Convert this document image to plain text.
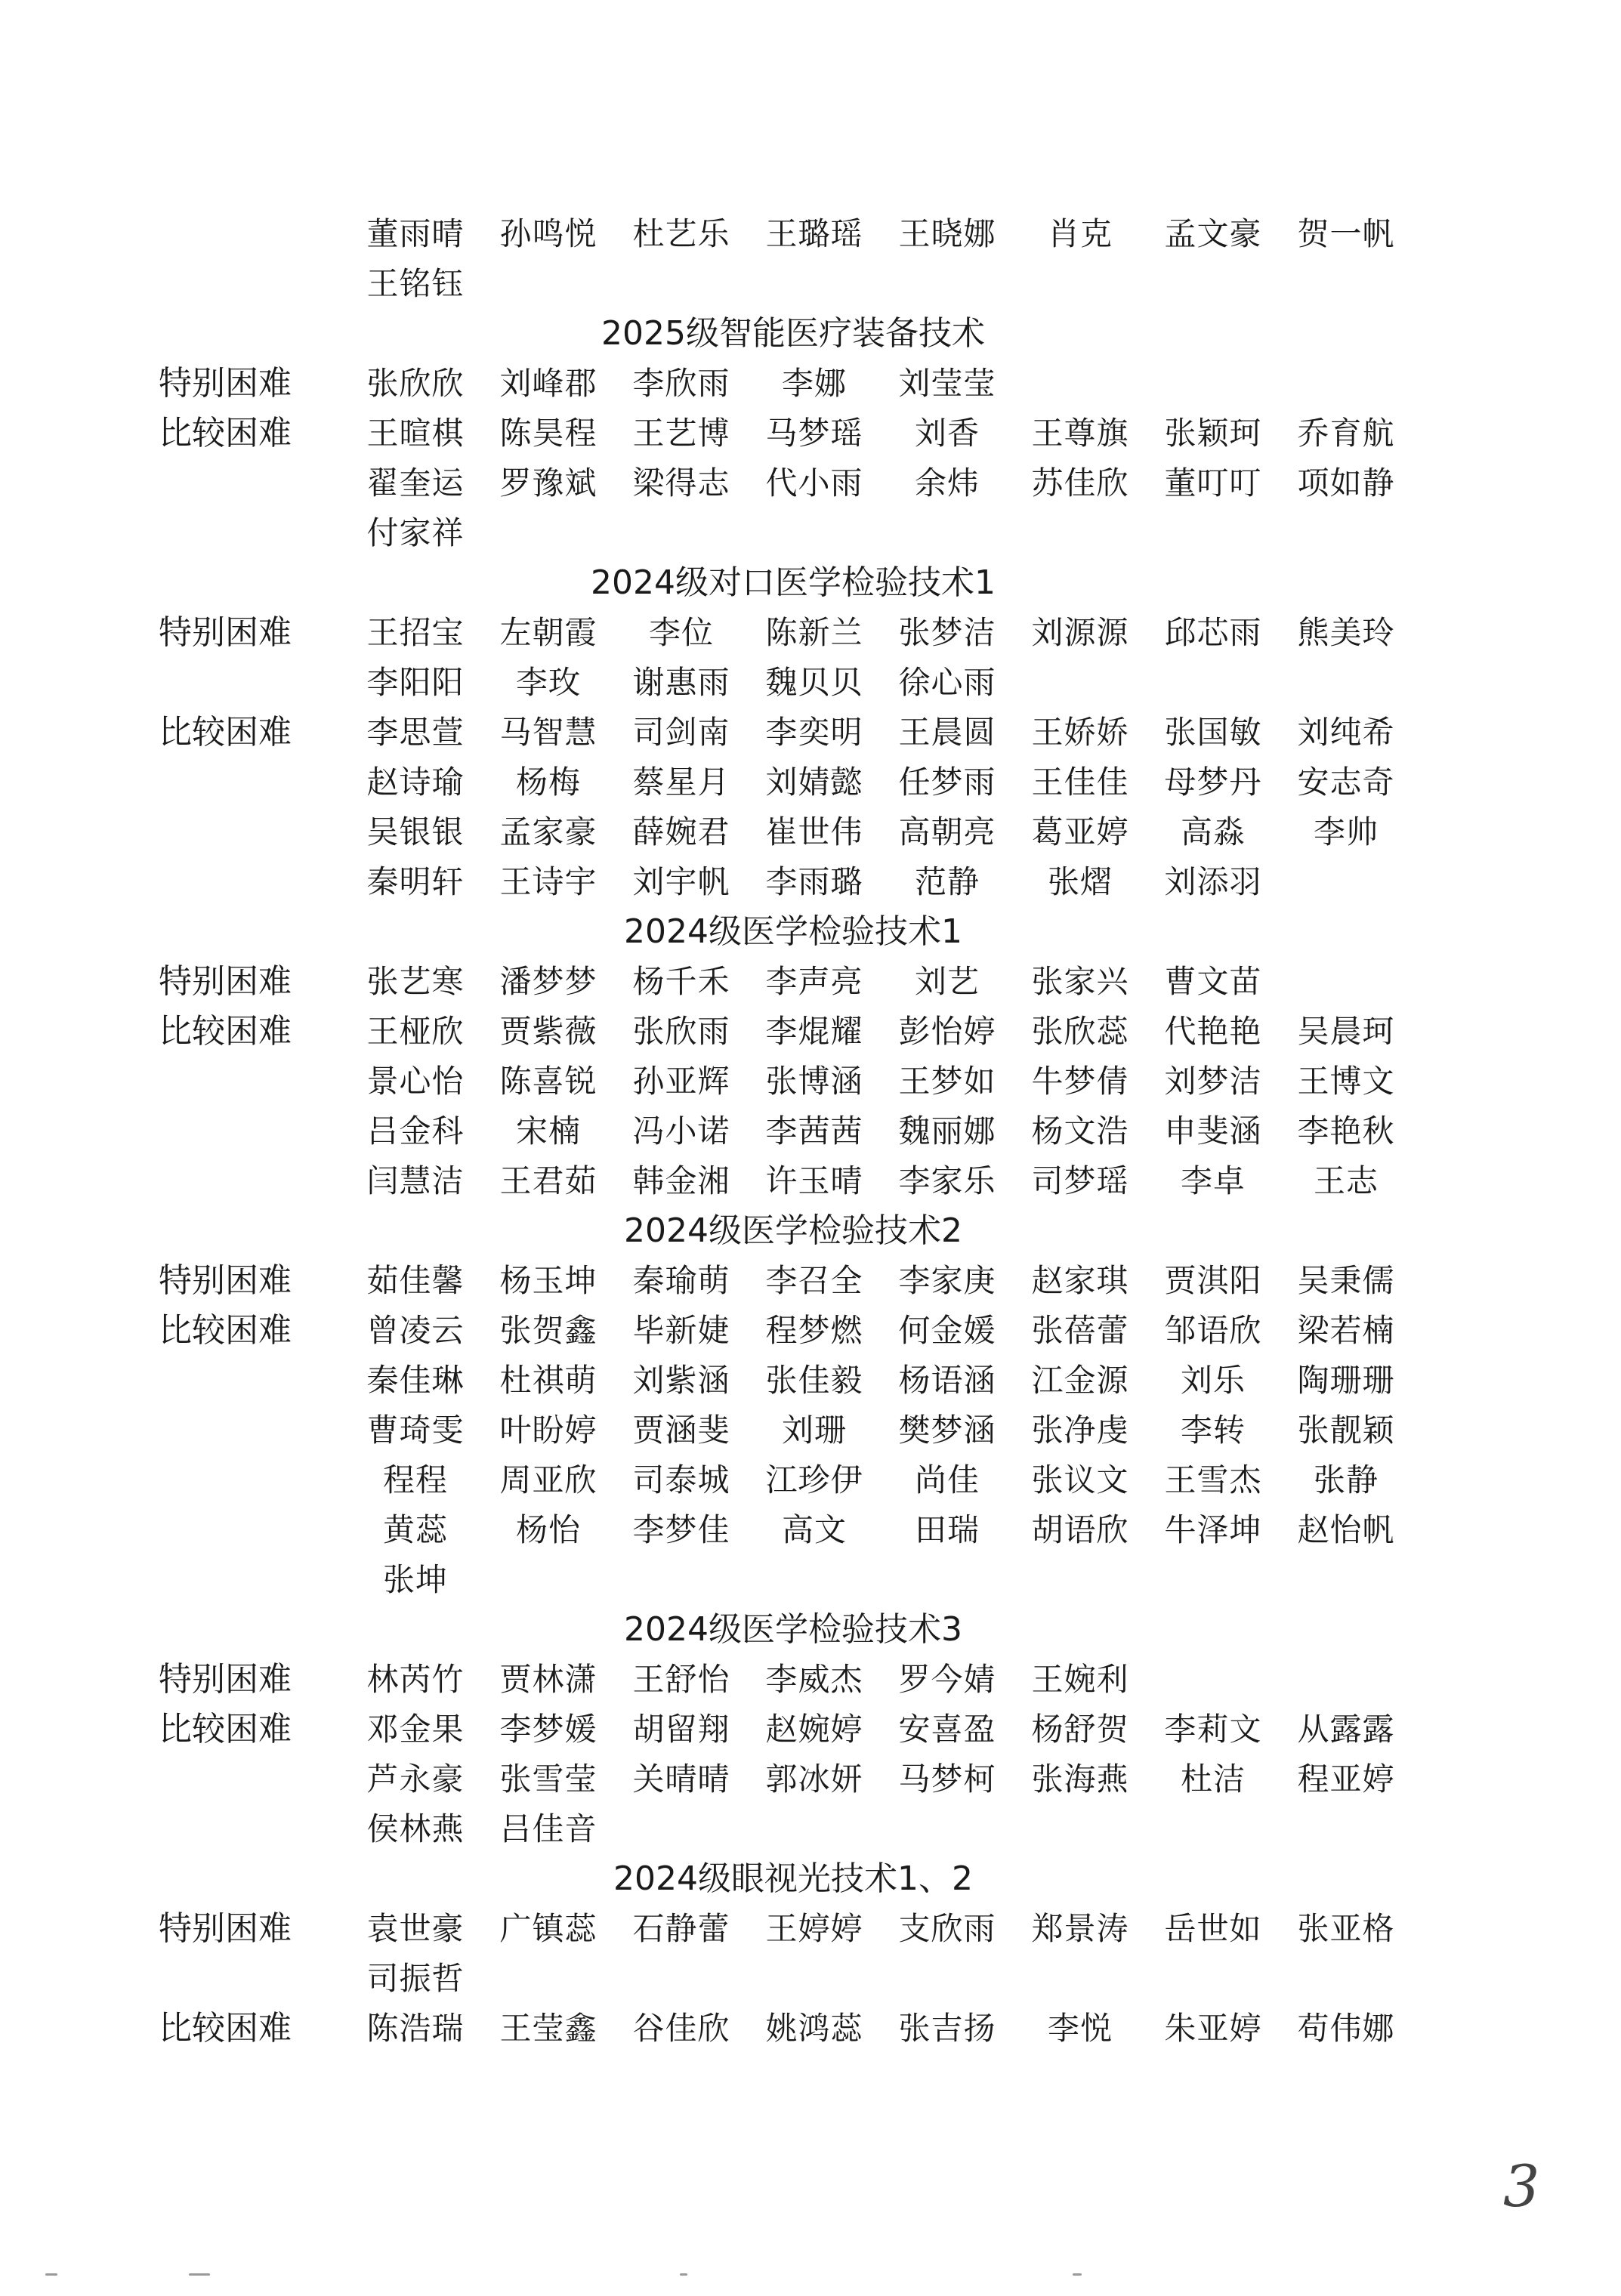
董雨晴	孙鸣悦	杜艺乐	王璐瑶	王晓娜	肖克	孟文豪	贺一帆
王铭钰
2025级智能医疗装备技术
特别困难	张欣欣	刘峰郡	李欣雨	李娜	刘莹莹
比较困难	王暄棋	陈昊程	王艺博	马梦瑶	刘香	王尊旗	张颖珂	乔育航
翟奎运	罗豫斌	梁得志	代小雨	余炜	苏佳欣	董叮叮	项如静
付家祥
2024级对口医学检验技术1
特别困难	王招宝	左朝霞	李位	陈新兰	张梦洁	刘源源	邱芯雨	熊美玲
李阳阳	李玫	谢惠雨	魏贝贝	徐心雨
比较困难	李思萱	马智慧	司剑南	李奕明	王晨圆	王娇娇	张国敏	刘纯希
赵诗瑜	杨梅	蔡星月	刘婧懿	任梦雨	王佳佳	母梦丹	安志奇
吴银银	孟家豪	薛婉君	崔世伟	高朝亮	葛亚婷	高淼	李帅
秦明轩	王诗宇	刘宇帆	李雨璐	范静	张熠	刘添羽
2024级医学检验技术1
特别困难	张艺寒	潘梦梦	杨千禾	李声亮	刘艺	张家兴	曹文苗
比较困难	王桠欣	贾紫薇	张欣雨	李焜耀	彭怡婷	张欣蕊	代艳艳	吴晨珂
景心怡	陈喜锐	孙亚辉	张博涵	王梦如	牛梦倩	刘梦洁	王博文
吕金科	宋楠	冯小诺	李茜茜	魏丽娜	杨文浩	申斐涵	李艳秋
闫慧洁	王君茹	韩金湘	许玉晴	李家乐	司梦瑶	李卓	王志
2024级医学检验技术2
特别困难	茹佳馨	杨玉坤	秦瑜萌	李召全	李家庚	赵家琪	贾淇阳	吴秉儒
比较困难	曾凌云	张贺鑫	毕新婕	程梦燃	何金媛	张蓓蕾	邹语欣	梁若楠
秦佳琳	杜祺萌	刘紫涵	张佳毅	杨语涵	江金源	刘乐	陶珊珊
曹琦雯	叶盼婷	贾涵斐	刘珊	樊梦涵	张净虔	李转	张靓颖
程程	周亚欣	司泰城	江珍伊	尚佳	张议文	王雪杰	张静
黄蕊	杨怡	李梦佳	高文	田瑞	胡语欣	牛泽坤	赵怡帆
张坤
2024级医学检验技术3
特别困难	林芮竹	贾林潇	王舒怡	李威杰	罗今婧	王婉利
比较困难	邓金果	李梦媛	胡留翔	赵婉婷	安喜盈	杨舒贺	李莉文	从露露
芦永豪	张雪莹	关晴晴	郭冰妍	马梦柯	张海燕	杜洁	程亚婷
侯林燕	吕佳音
2024级眼视光技术1、2
特别困难	袁世豪	广镇蕊	石静蕾	王婷婷	支欣雨	郑景涛	岳世如	张亚格
司振哲
比较困难	陈浩瑞	王莹鑫	谷佳欣	姚鸿蕊	张吉扬	李悦	朱亚婷	苟伟娜
3
